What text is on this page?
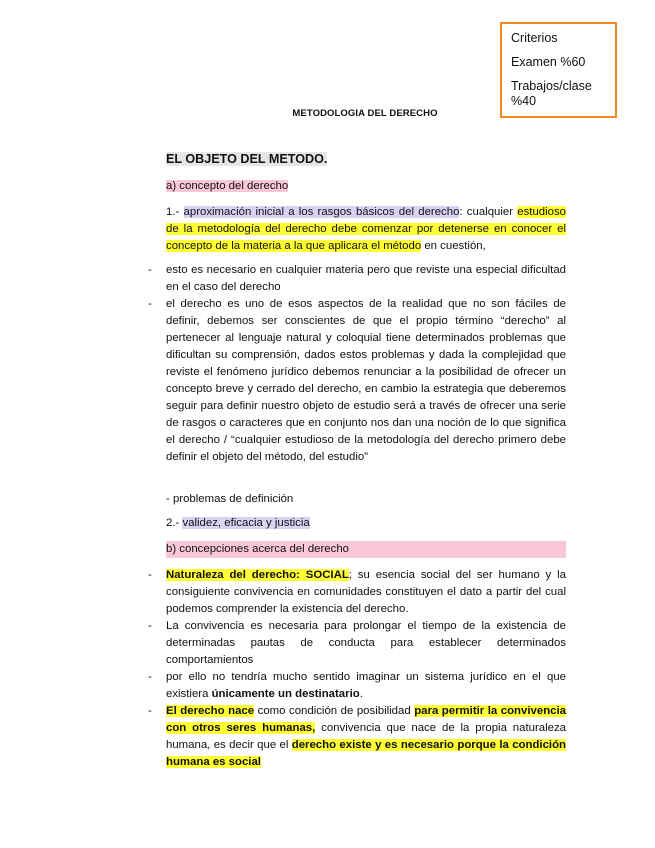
Criterios
Examen %60
Trabajos/clase
%40
METODOLOGIA DEL DERECHO
EL OBJETO DEL METODO.
a) concepto del derecho
1.- aproximación inicial a los rasgos básicos del derecho: cualquier estudioso de la metodología del derecho debe comenzar por detenerse en conocer el concepto de la materia a la que aplicara el método en cuestión,
- esto es necesario en cualquier materia pero que reviste una especial dificultad en el caso del derecho
- el derecho es uno de esos aspectos de la realidad que no son fáciles de definir, debemos ser conscientes de que el propio término “derecho” al pertenecer al lenguaje natural y coloquial tiene determinados problemas que dificultan su comprensión, dados estos problemas y dada la complejidad que reviste el fenómeno jurídico debemos renunciar a la posibilidad de ofrecer un concepto breve y cerrado del derecho, en cambio la estrategia que deberemos seguir para definir nuestro objeto de estudio será a través de ofrecer una serie de rasgos o caracteres que en conjunto nos dan una noción de lo que significa el derecho / “cualquier estudioso de la metodología del derecho primero debe definir el objeto del método, del estudio”
- problemas de definición
2.- validez, eficacia y justicia
b) concepciones acerca del derecho
- Naturaleza del derecho: SOCIAL; su esencia social del ser humano y la consiguiente convivencia en comunidades constituyen el dato a partir del cual podemos comprender la existencia del derecho.
- La convivencia es necesaria para prolongar el tiempo de la existencia de determinadas pautas de conducta para establecer determinados comportamientos
- por ello no tendría mucho sentido imaginar un sistema jurídico en el que existiera únicamente un destinatario.
- El derecho nace como condición de posibilidad para permitir la convivencia con otros seres humanas, convivencia que nace de la propia naturaleza humana, es decir que el derecho existe y es necesario porque la condición humana es social
